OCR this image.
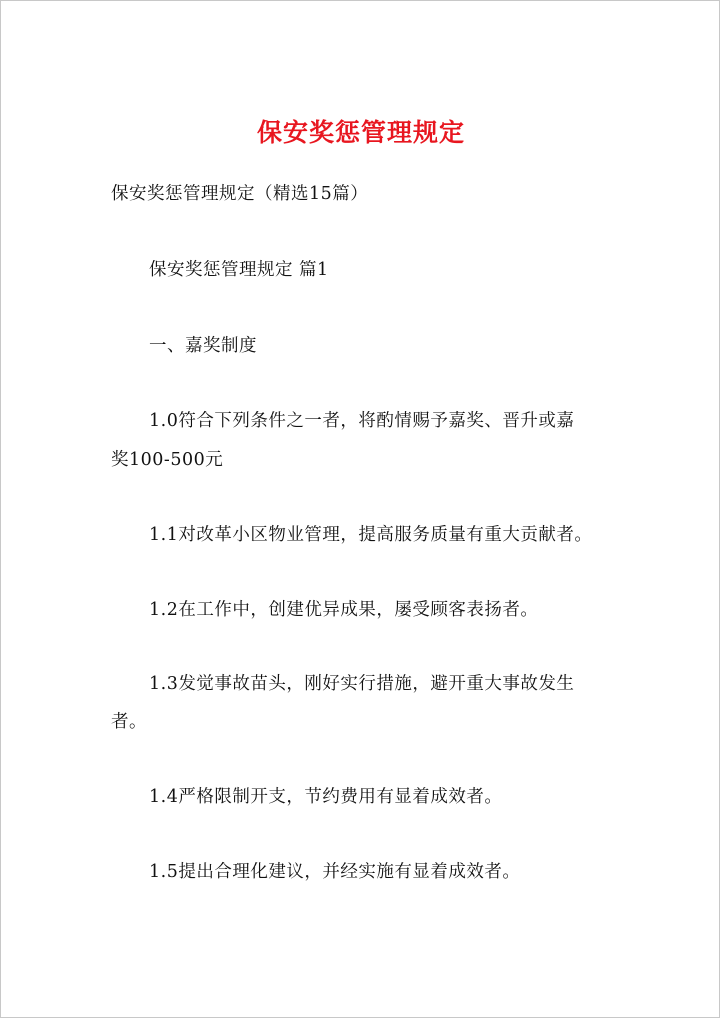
保安奖惩管理规定
保安奖惩管理规定（精选15篇）
保安奖惩管理规定 篇1
一、嘉奖制度
1.0符合下列条件之一者，将酌情赐予嘉奖、晋升或嘉
奖100-500元
1.1对改革小区物业管理，提高服务质量有重大贡献者。
1.2在工作中，创建优异成果，屡受顾客表扬者。
1.3发觉事故苗头，刚好实行措施，避开重大事故发生
者。
1.4严格限制开支，节约费用有显着成效者。
1.5提出合理化建议，并经实施有显着成效者。
